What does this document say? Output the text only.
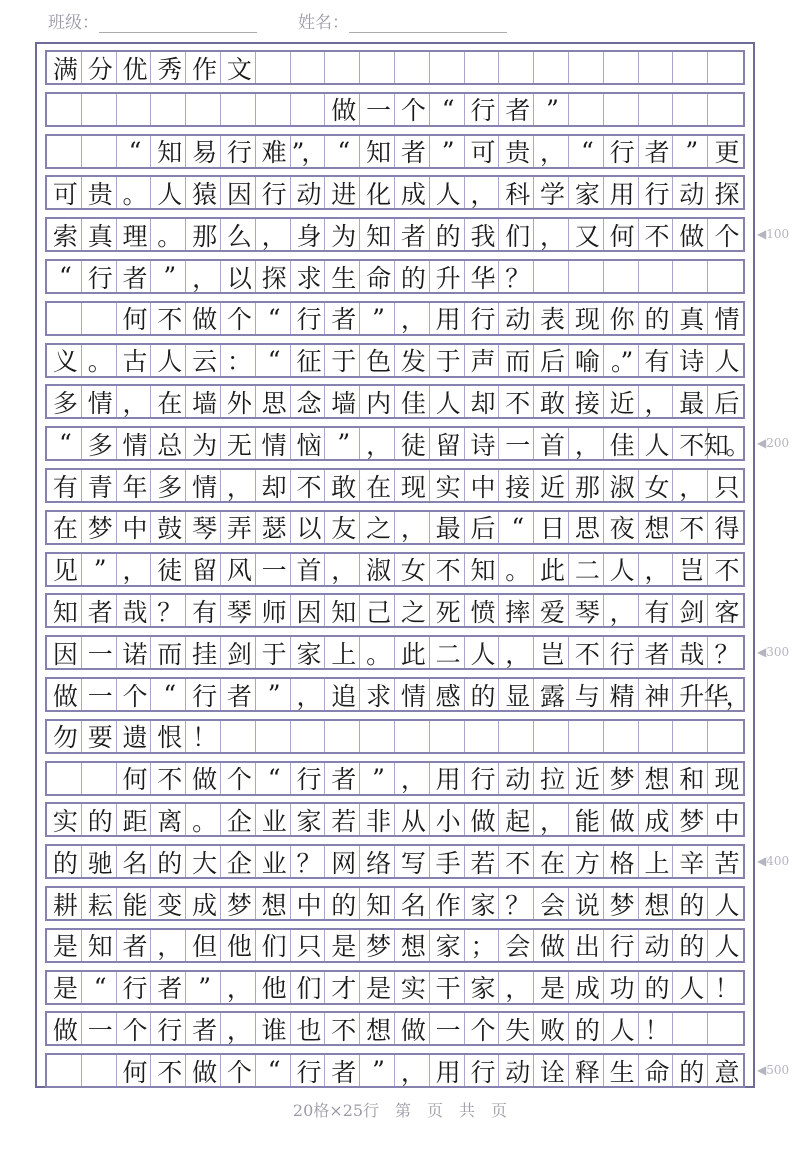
班级：	姓名：
满 分 优 秀 作 文
做 一 个 “ 行 者 ”
“ 知 易 行 难 ”， “ 知 者 ” 可 贵 ， “ 行 者 ” 更
可 贵 。 人 猿 因 行 动 进 化 成 人 ， 科 学 家 用 行 动 探
索 真 理 。 那 么 ， 身 为 知 者 的 我 们 ， 又 何 不 做 个
“ 行 者 ” ， 以 探 求 生 命 的 升 华 ？
何 不 做 个 “ 行 者 ” ， 用 行 动 表 现 你 的 真 情
义 。 古 人 云 ： “ 征 于 色 发 于 声 而 后 喻 。” 有 诗 人
多 情 ， 在 墙 外 思 念 墙 内 佳 人 却 不 敢 接 近 ， 最 后
“ 多 情 总 为 无 情 恼 ” ， 徒 留 诗 一 首 ， 佳 人 不 知。
有 青 年 多 情 ， 却 不 敢 在 现 实 中 接 近 那 淑 女 ， 只
在 梦 中 鼓 琴 弄 瑟 以 友 之 ， 最 后 “ 日 思 夜 想 不 得
见 ” ， 徒 留 风 一 首 ， 淑 女 不 知 。 此 二 人 ， 岂 不
知 者 哉 ？ 有 琴 师 因 知 己 之 死 愤 摔 爱 琴 ， 有 剑 客
因 一 诺 而 挂 剑 于 家 上 。 此 二 人 ， 岂 不 行 者 哉 ？
做 一 个 “ 行 者 ” ， 追 求 情 感 的 显 露 与 精 神 升 华，
勿 要 遗 恨 ！
何 不 做 个 “ 行 者 ” ， 用 行 动 拉 近 梦 想 和 现
实 的 距 离 。 企 业 家 若 非 从 小 做 起 ， 能 做 成 梦 中
的 驰 名 的 大 企 业 ？ 网 络 写 手 若 不 在 方 格 上 辛 苦
耕 耘 能 变 成 梦 想 中 的 知 名 作 家 ？ 会 说 梦 想 的 人
是 知 者 ， 但 他 们 只 是 梦 想 家 ； 会 做 出 行 动 的 人
是 “ 行 者 ” ， 他 们 才 是 实 干 家 ， 是 成 功 的 人 ！
做 一 个 行 者 ， 谁 也 不 想 做 一 个 失 败 的 人 ！
何 不 做 个 “ 行 者 ” ， 用 行 动 诠 释 生 命 的 意
◀100
◀200
◀300
◀400
◀500
20格×25行　第　页　共　页
